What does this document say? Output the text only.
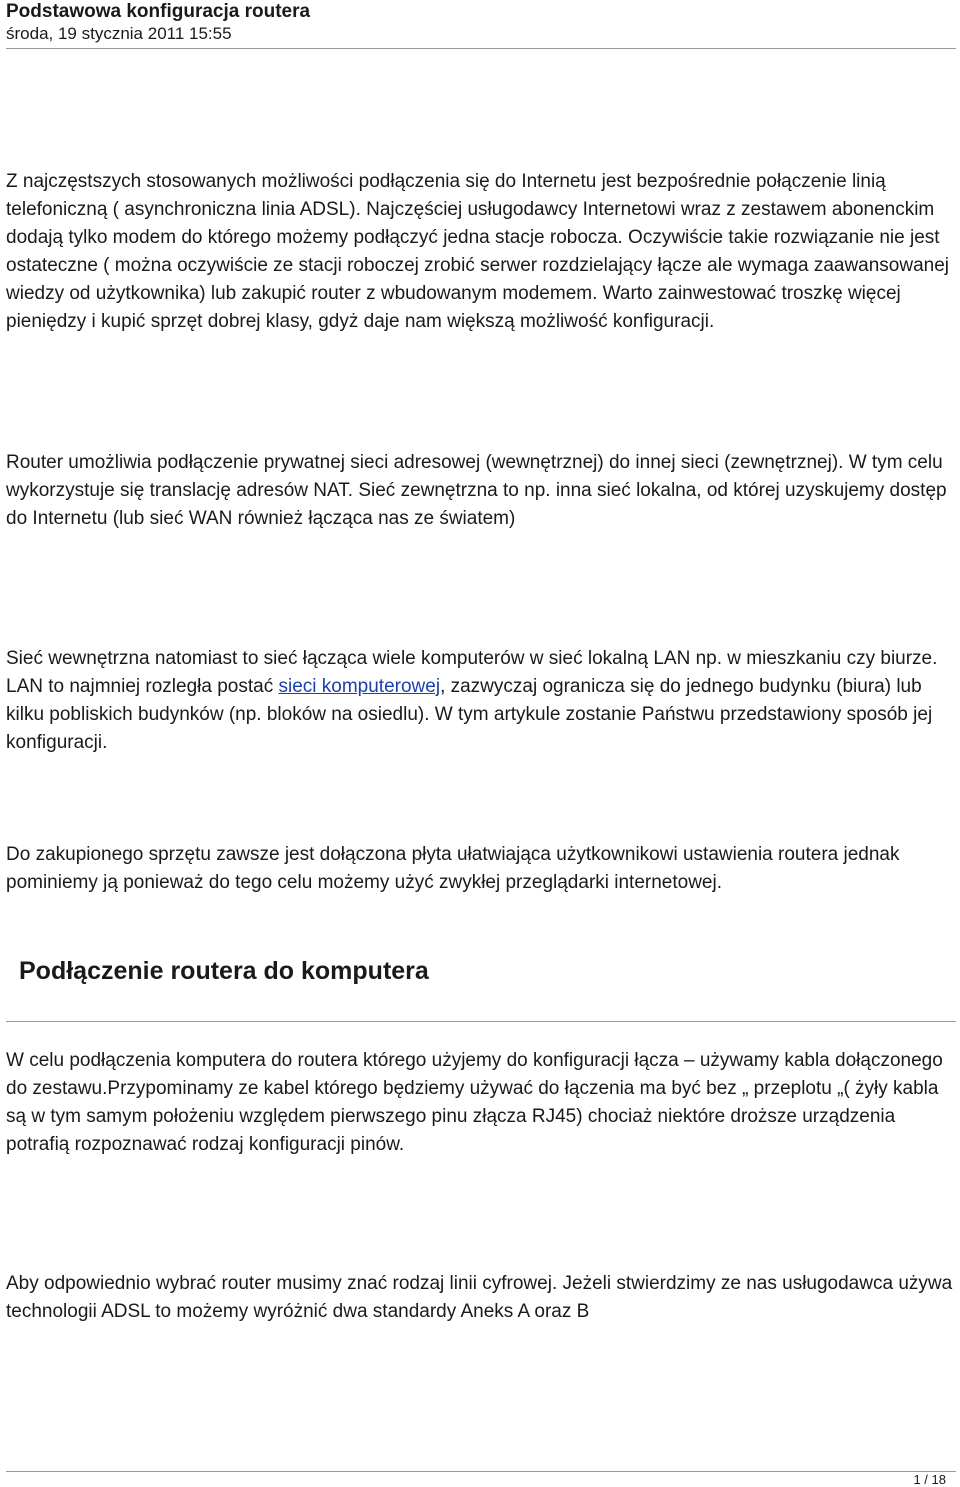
Podstawowa konfiguracja routera
środa, 19 stycznia 2011 15:55

Z najczęstszych stosowanych możliwości podłączenia się do Internetu jest bezpośrednie połączenie linią telefoniczną ( asynchroniczna linia ADSL). Najczęściej usługodawcy Internetowi wraz z zestawem abonenckim dodają tylko modem do którego możemy podłączyć jedna stacje robocza. Oczywiście takie rozwiązanie nie jest ostateczne ( można oczywiście ze stacji roboczej zrobić serwer rozdzielający łącze ale wymaga zaawansowanej wiedzy od użytkownika) lub zakupić router z wbudowanym modemem. Warto zainwestować troszkę więcej pieniędzy i kupić sprzęt dobrej klasy, gdyż daje nam większą możliwość konfiguracji.

Router umożliwia podłączenie prywatnej sieci adresowej (wewnętrznej) do innej sieci (zewnętrznej). W tym celu wykorzystuje się translację adresów NAT. Sieć zewnętrzna to np. inna sieć lokalna, od której uzyskujemy dostęp do Internetu (lub sieć WAN również łącząca nas ze światem)

Sieć wewnętrzna natomiast to sieć łącząca wiele komputerów w sieć lokalną LAN np. w mieszkaniu czy biurze. LAN to najmniej rozległa postać sieci komputerowej, zazwyczaj ogranicza się do jednego budynku (biura) lub kilku pobliskich budynków (np. bloków na osiedlu). W tym artykule zostanie Państwu przedstawiony sposób jej konfiguracji.

Do zakupionego sprzętu zawsze jest dołączona płyta ułatwiająca użytkownikowi ustawienia routera jednak pominiemy ją ponieważ do tego celu możemy użyć zwykłej przeglądarki internetowej.

Podłączenie routera do komputera

W celu podłączenia komputera do routera którego użyjemy do konfiguracji łącza – używamy kabla dołączonego do zestawu.Przypominamy ze kabel którego będziemy używać do łączenia ma być bez „ przeplotu „( żyły kabla są w tym samym położeniu względem pierwszego pinu złącza RJ45) chociaż niektóre droższe urządzenia potrafią rozpoznawać rodzaj konfiguracji pinów.

Aby odpowiednio wybrać router musimy znać rodzaj linii cyfrowej. Jeżeli stwierdzimy ze nas usługodawca używa technologii ADSL to możemy wyróżnić dwa standardy Aneks A oraz B

1 / 18
